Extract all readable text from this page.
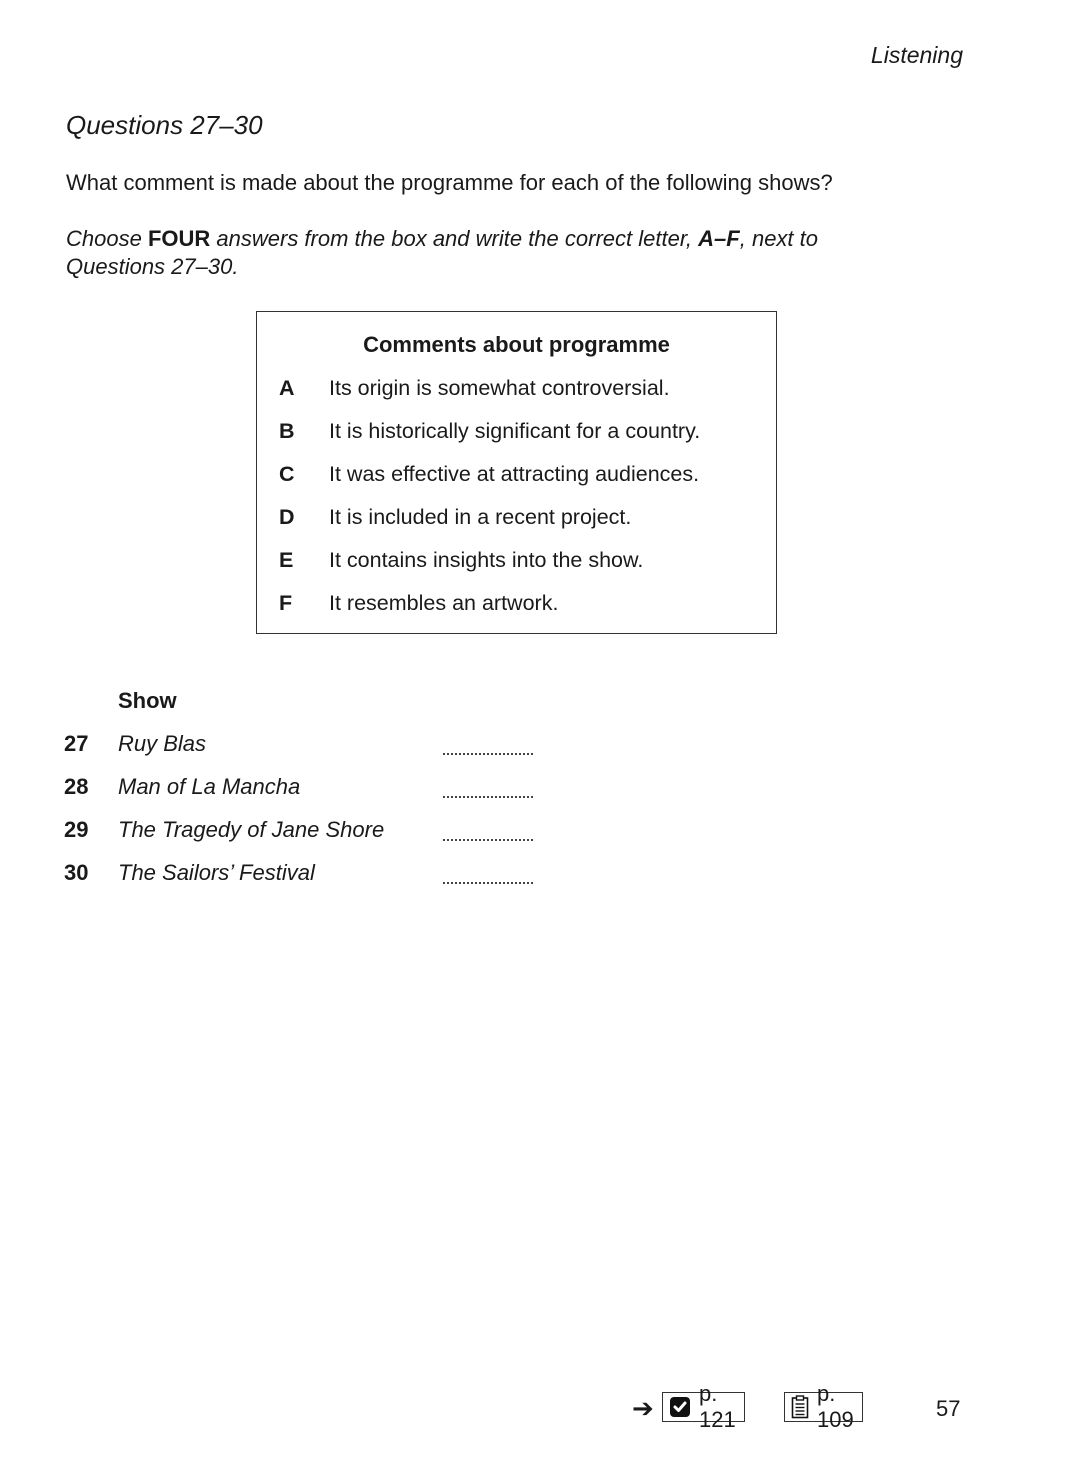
Listening
Questions 27–30
What comment is made about the programme for each of the following shows?
Choose FOUR answers from the box and write the correct letter, A–F, next to Questions 27–30.
Comments about programme
A	Its origin is somewhat controversial.
B	It is historically significant for a country.
C	It was effective at attracting audiences.
D	It is included in a recent project.
E	It contains insights into the show.
F	It resembles an artwork.
Show
27 Ruy Blas
28 Man of La Mancha
29 The Tragedy of Jane Shore
30 The Sailors’ Festival
➔ p. 121
p. 109	57
